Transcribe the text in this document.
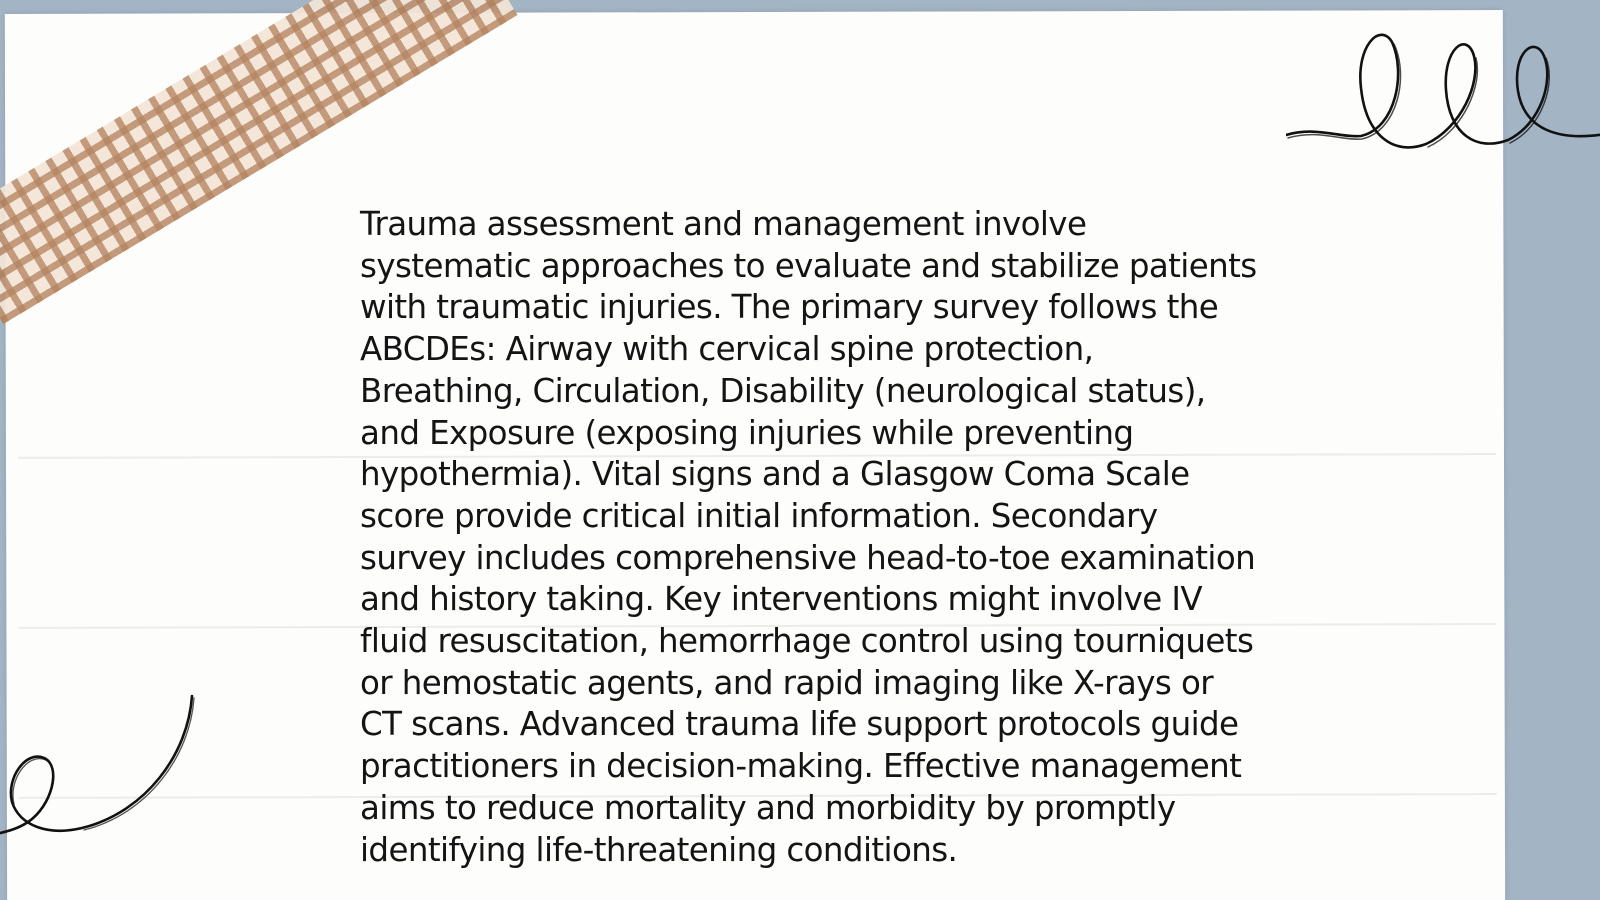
Trauma assessment and management involve systematic approaches to evaluate and stabilize patients with traumatic injuries. The primary survey follows the ABCDEs: Airway with cervical spine protection, Breathing, Circulation, Disability (neurological status), and Exposure (exposing injuries while preventing hypothermia). Vital signs and a Glasgow Coma Scale score provide critical initial information. Secondary survey includes comprehensive head-to-toe examination and history taking. Key interventions might involve IV fluid resuscitation, hemorrhage control using tourniquets or hemostatic agents, and rapid imaging like X-rays or CT scans. Advanced trauma life support protocols guide practitioners in decision-making. Effective management aims to reduce mortality and morbidity by promptly identifying life-threatening conditions.
